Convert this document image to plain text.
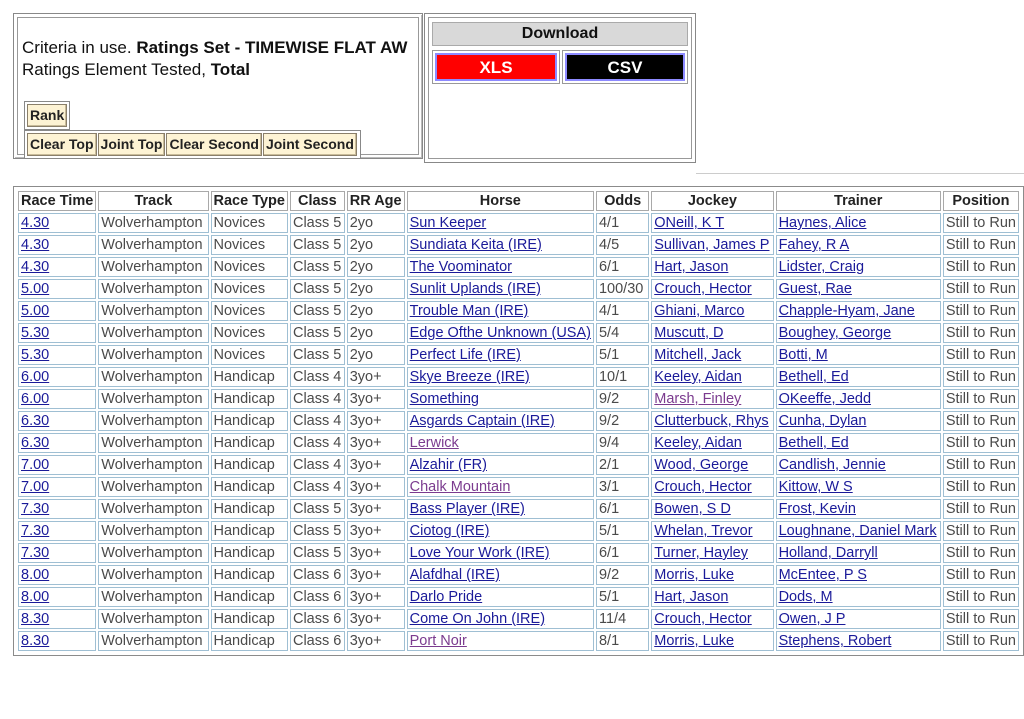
Criteria in use. Ratings Set - TIMEWISE FLAT AW
Ratings Element Tested, Total
Rank
Clear Top Joint Top Clear Second Joint Second
Download
XLS	CSV
Race Time	Track	Race Type	Class	RR Age	Horse	Odds	Jockey	Trainer	Position
4.30	Wolverhampton	Novices	Class 5	2yo	Sun Keeper	4/1	ONeill, K T	Haynes, Alice	Still to Run
4.30	Wolverhampton	Novices	Class 5	2yo	Sundiata Keita (IRE)	4/5	Sullivan, James P	Fahey, R A	Still to Run
4.30	Wolverhampton	Novices	Class 5	2yo	The Voominator	6/1	Hart, Jason	Lidster, Craig	Still to Run
5.00	Wolverhampton	Novices	Class 5	2yo	Sunlit Uplands (IRE)	100/30	Crouch, Hector	Guest, Rae	Still to Run
5.00	Wolverhampton	Novices	Class 5	2yo	Trouble Man (IRE)	4/1	Ghiani, Marco	Chapple-Hyam, Jane	Still to Run
5.30	Wolverhampton	Novices	Class 5	2yo	Edge Ofthe Unknown (USA)	5/4	Muscutt, D	Boughey, George	Still to Run
5.30	Wolverhampton	Novices	Class 5	2yo	Perfect Life (IRE)	5/1	Mitchell, Jack	Botti, M	Still to Run
6.00	Wolverhampton	Handicap	Class 4	3yo+	Skye Breeze (IRE)	10/1	Keeley, Aidan	Bethell, Ed	Still to Run
6.00	Wolverhampton	Handicap	Class 4	3yo+	Something	9/2	Marsh, Finley	OKeeffe, Jedd	Still to Run
6.30	Wolverhampton	Handicap	Class 4	3yo+	Asgards Captain (IRE)	9/2	Clutterbuck, Rhys	Cunha, Dylan	Still to Run
6.30	Wolverhampton	Handicap	Class 4	3yo+	Lerwick	9/4	Keeley, Aidan	Bethell, Ed	Still to Run
7.00	Wolverhampton	Handicap	Class 4	3yo+	Alzahir (FR)	2/1	Wood, George	Candlish, Jennie	Still to Run
7.00	Wolverhampton	Handicap	Class 4	3yo+	Chalk Mountain	3/1	Crouch, Hector	Kittow, W S	Still to Run
7.30	Wolverhampton	Handicap	Class 5	3yo+	Bass Player (IRE)	6/1	Bowen, S D	Frost, Kevin	Still to Run
7.30	Wolverhampton	Handicap	Class 5	3yo+	Ciotog (IRE)	5/1	Whelan, Trevor	Loughnane, Daniel Mark	Still to Run
7.30	Wolverhampton	Handicap	Class 5	3yo+	Love Your Work (IRE)	6/1	Turner, Hayley	Holland, Darryll	Still to Run
8.00	Wolverhampton	Handicap	Class 6	3yo+	Alafdhal (IRE)	9/2	Morris, Luke	McEntee, P S	Still to Run
8.00	Wolverhampton	Handicap	Class 6	3yo+	Darlo Pride	5/1	Hart, Jason	Dods, M	Still to Run
8.30	Wolverhampton	Handicap	Class 6	3yo+	Come On John (IRE)	11/4	Crouch, Hector	Owen, J P	Still to Run
8.30	Wolverhampton	Handicap	Class 6	3yo+	Port Noir	8/1	Morris, Luke	Stephens, Robert	Still to Run
